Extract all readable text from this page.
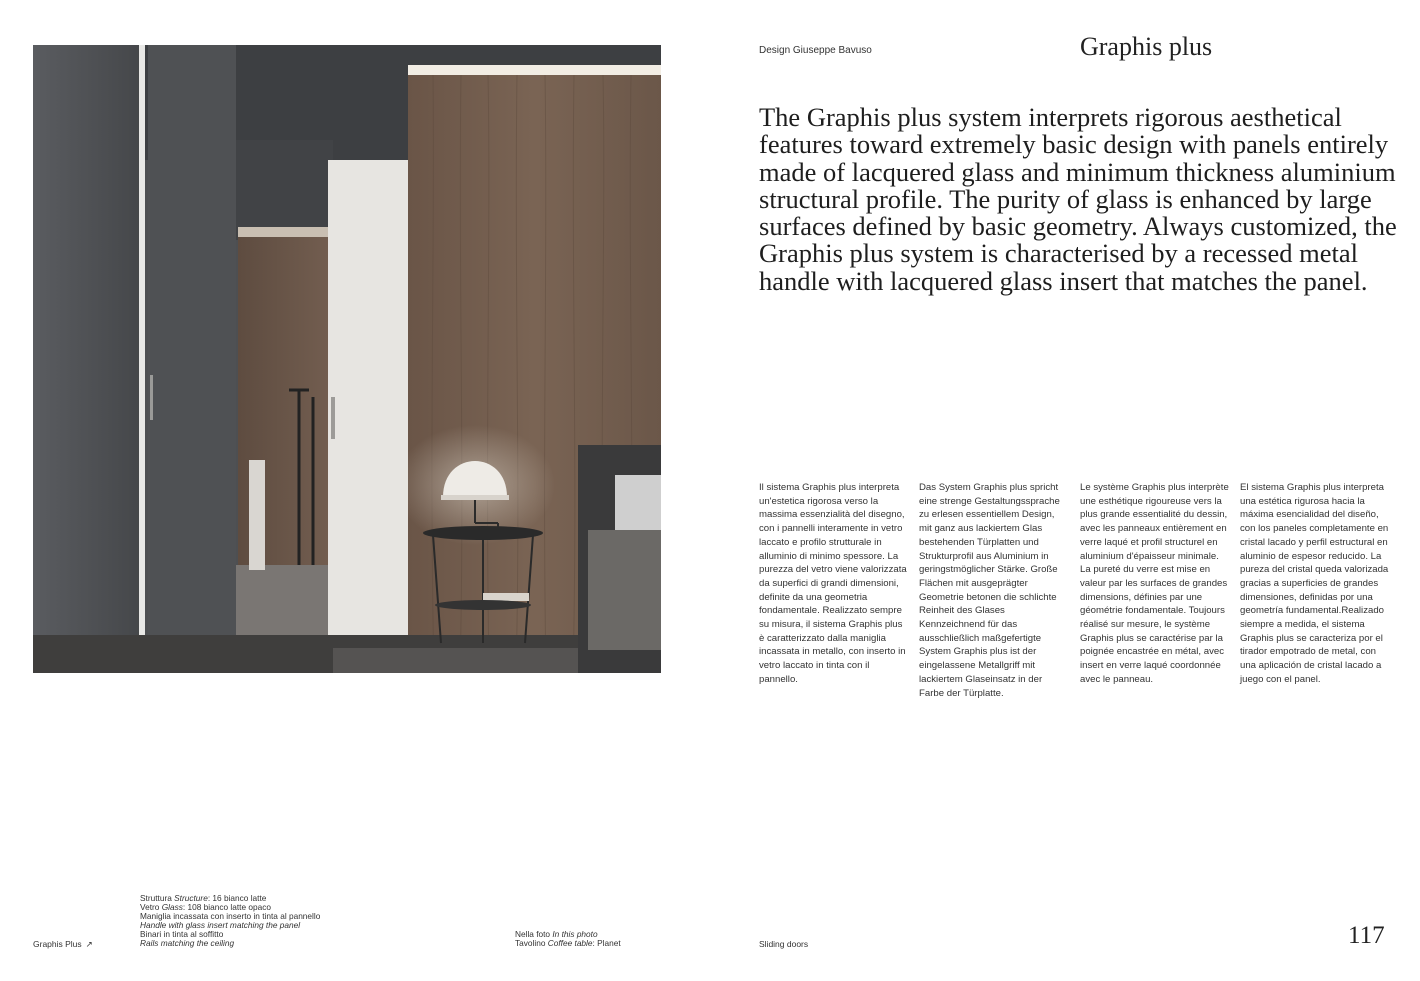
Design Giuseppe Bavuso	Graphis plus

The Graphis plus system interprets rigorous aesthetical features toward extremely basic design with panels entirely made of lacquered glass and minimum thickness aluminium structural profile. The purity of glass is enhanced by large surfaces defined by basic geometry. Always customized, the Graphis plus system is characterised by a recessed metal handle with lacquered glass insert that matches the panel.

Il sistema Graphis plus interpreta un'estetica rigorosa verso la massima essenzialità del disegno, con i pannelli interamente in vetro laccato e profilo strutturale in alluminio di minimo spessore. La purezza del vetro viene valorizzata da superfici di grandi dimensioni, definite da una geometria fondamentale. Realizzato sempre su misura, il sistema Graphis plus è caratterizzato dalla maniglia incassata in metallo, con inserto in vetro laccato in tinta con il pannello.

Das System Graphis plus spricht eine strenge Gestaltungssprache zu erlesen essentiellem Design, mit ganz aus lackiertem Glas bestehenden Türplatten und Strukturprofil aus Aluminium in geringstmöglicher Stärke. Große Flächen mit ausgeprägter Geometrie betonen die schlichte Reinheit des Glases Kennzeichnend für das ausschließlich maßgefertigte System Graphis plus ist der eingelassene Metallgriff mit lackiertem Glaseinsatz in der Farbe der Türplatte.

Le système Graphis plus interprète une esthétique rigoureuse vers la plus grande essentialité du dessin, avec les panneaux entièrement en verre laqué et profil structurel en aluminium d'épaisseur minimale. La pureté du verre est mise en valeur par les surfaces de grandes dimensions, définies par une géométrie fondamentale. Toujours réalisé sur mesure, le système Graphis plus se caractérise par la poignée encastrée en métal, avec insert en verre laqué coordonnée avec le panneau.

El sistema Graphis plus interpreta una estética rigurosa hacia la máxima esencialidad del diseño, con los paneles completamente en cristal lacado y perfil estructural en aluminio de espesor reducido. La pureza del cristal queda valorizada gracias a superficies de grandes dimensiones, definidas por una geometría fundamental.Realizado siempre a medida, el sistema Graphis plus se caracteriza por el tirador empotrado de metal, con una aplicación de cristal lacado a juego con el panel.

Struttura Structure: 16 bianco latte
Vetro Glass: 108 bianco latte opaco
Maniglia incassata con inserto in tinta al pannello
Handle with glass insert matching the panel
Binari in tinta al soffitto
Rails matching the ceiling
Nella foto In this photo
Tavolino Coffee table: Planet
Graphis Plus ↗	Sliding doors	117
